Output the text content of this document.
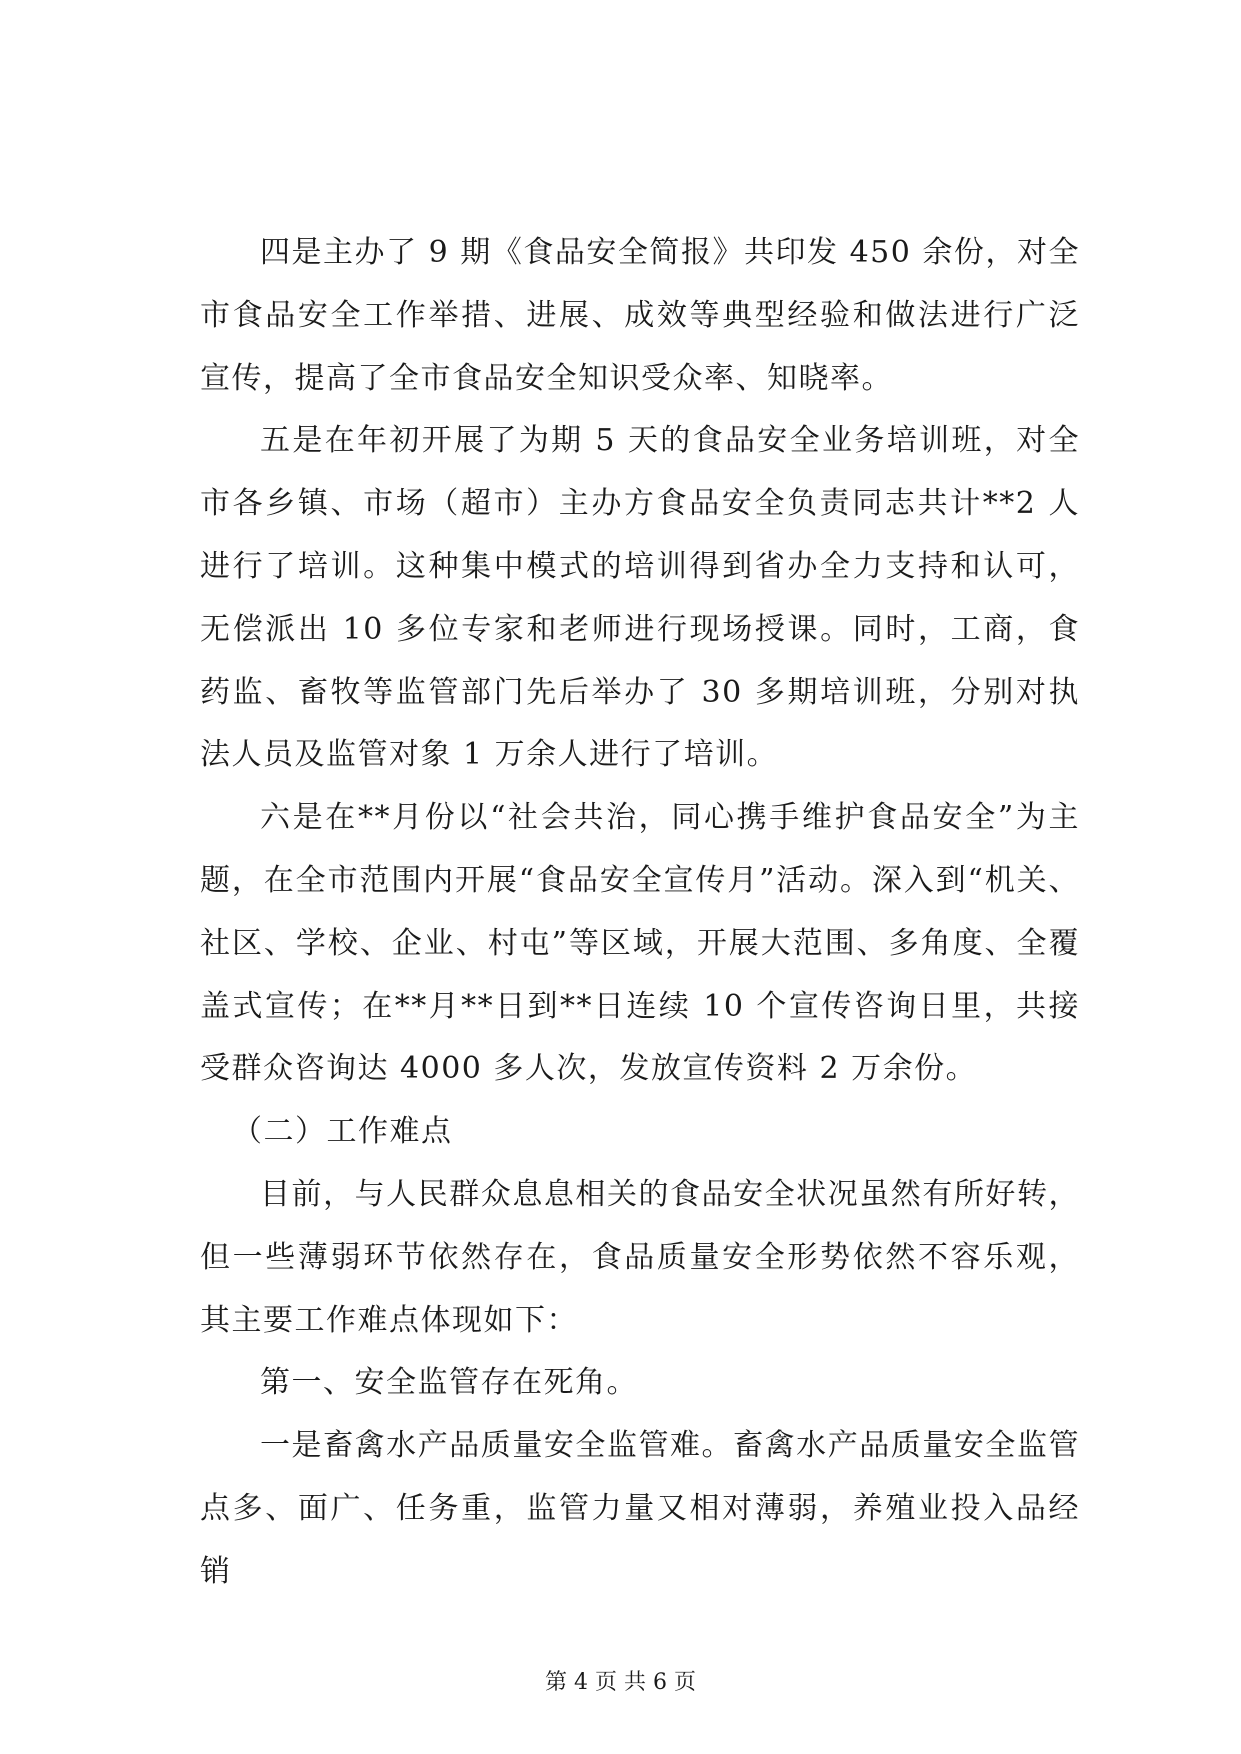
四是主办了 9 期《食品安全简报》共印发 450 余份，对全市食品安全工作举措、进展、成效等典型经验和做法进行广泛宣传，提高了全市食品安全知识受众率、知晓率。

五是在年初开展了为期 5 天的食品安全业务培训班，对全市各乡镇、市场（超市）主办方食品安全负责同志共计**2 人进行了培训。这种集中模式的培训得到省办全力支持和认可，无偿派出 10 多位专家和老师进行现场授课。同时，工商，食药监、畜牧等监管部门先后举办了 30 多期培训班，分别对执法人员及监管对象 1 万余人进行了培训。

六是在**月份以“社会共治，同心携手维护食品安全”为主题，在全市范围内开展“食品安全宣传月”活动。深入到“机关、社区、学校、企业、村屯”等区域，开展大范围、多角度、全覆盖式宣传；在**月**日到**日连续 10 个宣传咨询日里，共接受群众咨询达 4000 多人次，发放宣传资料 2 万余份。

（二）工作难点

目前，与人民群众息息相关的食品安全状况虽然有所好转，但一些薄弱环节依然存在，食品质量安全形势依然不容乐观，其主要工作难点体现如下：

第一、安全监管存在死角。

一是畜禽水产品质量安全监管难。畜禽水产品质量安全监管点多、面广、任务重，监管力量又相对薄弱，养殖业投入品经销

第 4 页 共 6 页
